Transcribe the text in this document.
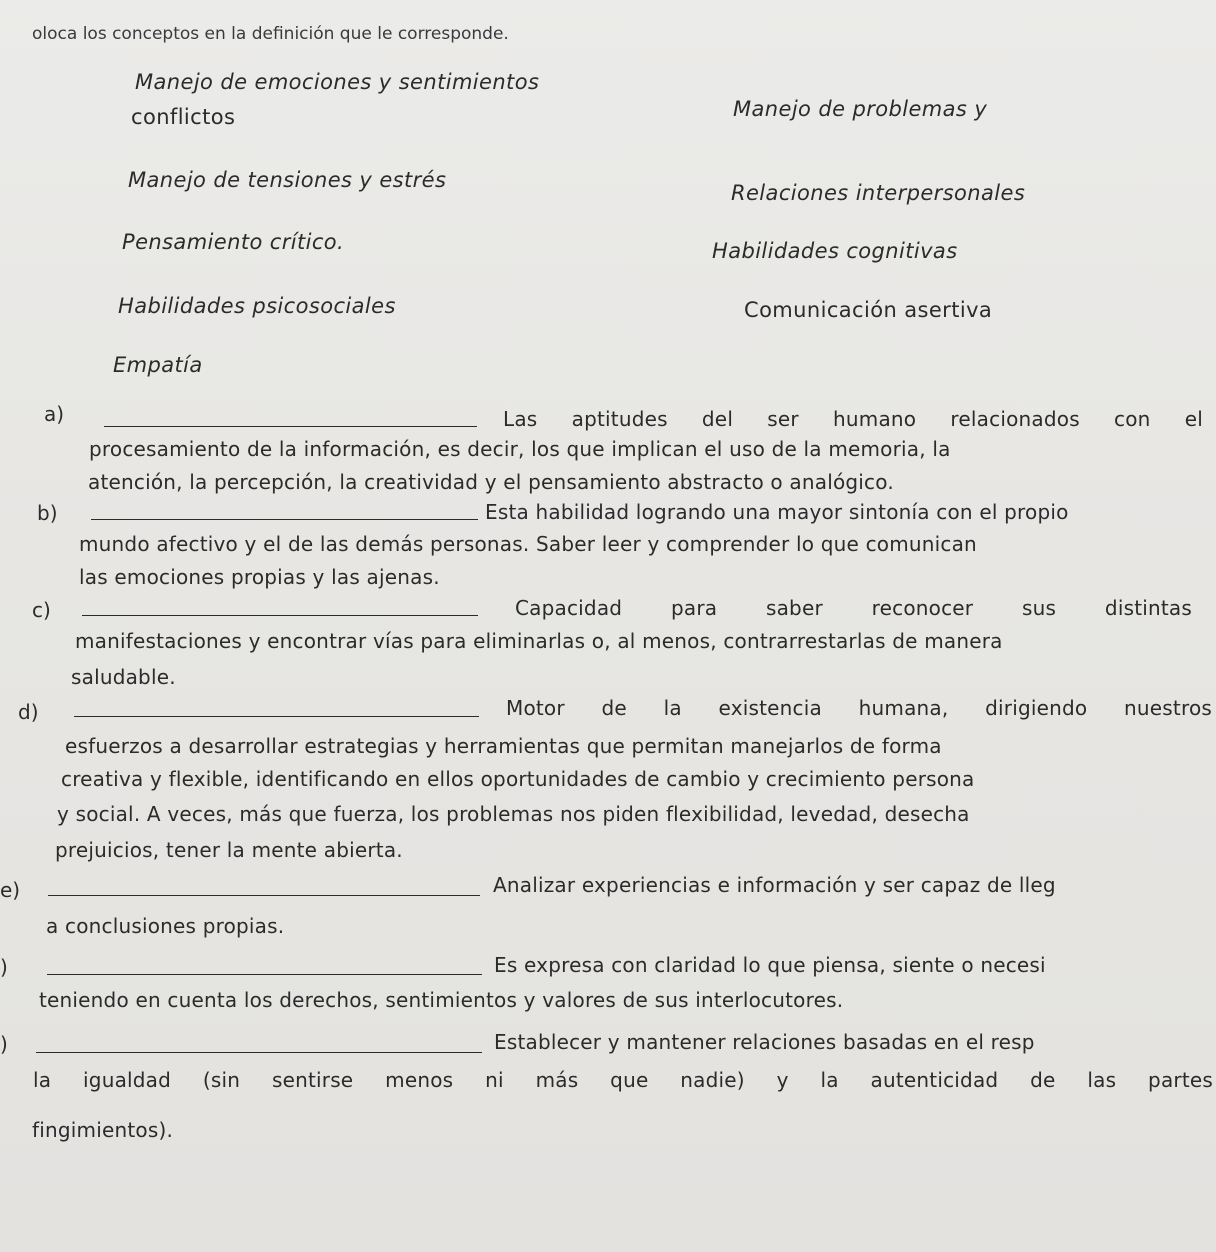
oloca los conceptos en la definición que le corresponde.
Manejo de emociones y sentimientos
conflictos	Manejo de problemas y
Manejo de tensiones y estrés
Relaciones interpersonales
Pensamiento crítico.	Habilidades cognitivas
Habilidades psicosociales	Comunicación asertiva
Empatía
a)	Las aptitudes del ser humano relacionados con el
procesamiento de la información, es decir, los que implican el uso de la memoria, la
atención, la percepción, la creatividad y el pensamiento abstracto o analógico.
b)	Esta habilidad logrando una mayor sintonía con el propio
mundo afectivo y el de las demás personas. Saber leer y comprender lo que comunican
las emociones propias y las ajenas.
c)	Capacidad para saber reconocer sus distintas
manifestaciones y encontrar vías para eliminarlas o, al menos, contrarrestarlas de manera
saludable.
d)	Motor de la existencia humana, dirigiendo nuestros
esfuerzos a desarrollar estrategias y herramientas que permitan manejarlos de forma
creativa y flexible, identificando en ellos oportunidades de cambio y crecimiento persona
y social. A veces, más que fuerza, los problemas nos piden flexibilidad, levedad, desecha
prejuicios, tener la mente abierta.
e)	Analizar experiencias e información y ser capaz de lleg
a conclusiones propias.
)	Es expresa con claridad lo que piensa, siente o necesi
teniendo en cuenta los derechos, sentimientos y valores de sus interlocutores.
)	Establecer y mantener relaciones basadas en el resp
la igualdad (sin sentirse menos ni más que nadie) y la autenticidad de las partes
fingimientos).
